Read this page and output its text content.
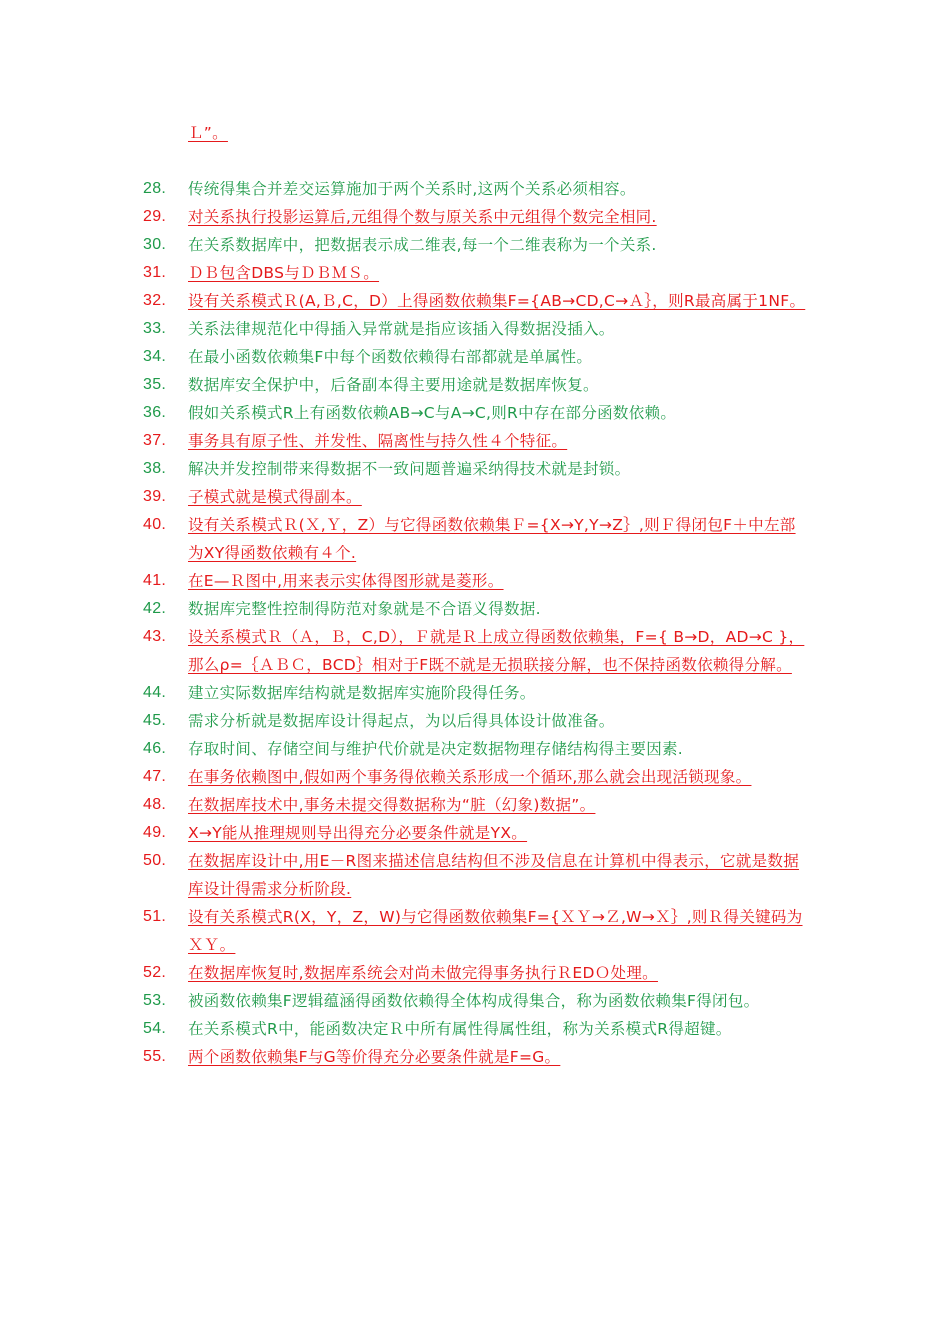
Ｌ”。
28.	传统得集合并差交运算施加于两个关系时,这两个关系必须相容。
29.	对关系执行投影运算后,元组得个数与原关系中元组得个数完全相同.
30.	在关系数据库中，把数据表示成二维表,每一个二维表称为一个关系.
31.	ＤＢ包含DBS与ＤＢＭＳ。
32.	设有关系模式Ｒ(A,Ｂ,C，D）上得函数依赖集F={AB→CD,C→Ａ｝，则R最高属于1NF。
33.	关系法律规范化中得插入异常就是指应该插入得数据没插入。
34.	在最小函数依赖集F中每个函数依赖得右部都就是单属性。
35.	数据库安全保护中，后备副本得主要用途就是数据库恢复。
36.	假如关系模式R上有函数依赖AB→C与A→C,则R中存在部分函数依赖。
37.	事务具有原子性、并发性、隔离性与持久性４个特征。
38.	解决并发控制带来得数据不一致问题普遍采纳得技术就是封锁。
39.	子模式就是模式得副本。
40.	设有关系模式Ｒ(Ｘ,Ｙ，Z）与它得函数依赖集Ｆ={X→Y,Y→Z｝,则Ｆ得闭包F＋中左部为XY得函数依赖有４个.
41.	在E—Ｒ图中,用来表示实体得图形就是菱形。
42.	数据库完整性控制得防范对象就是不合语义得数据.
43.	设关系模式Ｒ（Ａ，Ｂ，C,D），Ｆ就是Ｒ上成立得函数依赖集，F={ B→D，AD→C }，那么ρ=｛ＡＢＣ，BCD｝相对于F既不就是无损联接分解，也不保持函数依赖得分解。
44.	建立实际数据库结构就是数据库实施阶段得任务。
45.	需求分析就是数据库设计得起点，为以后得具体设计做准备。
46.	存取时间、存储空间与维护代价就是决定数据物理存储结构得主要因素.
47.	在事务依赖图中,假如两个事务得依赖关系形成一个循环,那么就会出现活锁现象。
48.	在数据库技术中,事务未提交得数据称为“脏（幻象)数据”。
49.	X→Y能从推理规则导出得充分必要条件就是YX。
50.	在数据库设计中,用E－R图来描述信息结构但不涉及信息在计算机中得表示，它就是数据库设计得需求分析阶段.
51.	设有关系模式R(X，Y，Z，W)与它得函数依赖集F={ＸＹ→Ｚ,W→Ｘ｝,则Ｒ得关键码为ＸＹ。
52.	在数据库恢复时,数据库系统会对尚未做完得事务执行ＲEDＯ处理。
53.	被函数依赖集F逻辑蕴涵得函数依赖得全体构成得集合，称为函数依赖集F得闭包。
54.	在关系模式R中，能函数决定Ｒ中所有属性得属性组，称为关系模式R得超键。
55.	两个函数依赖集F与G等价得充分必要条件就是F=G。
